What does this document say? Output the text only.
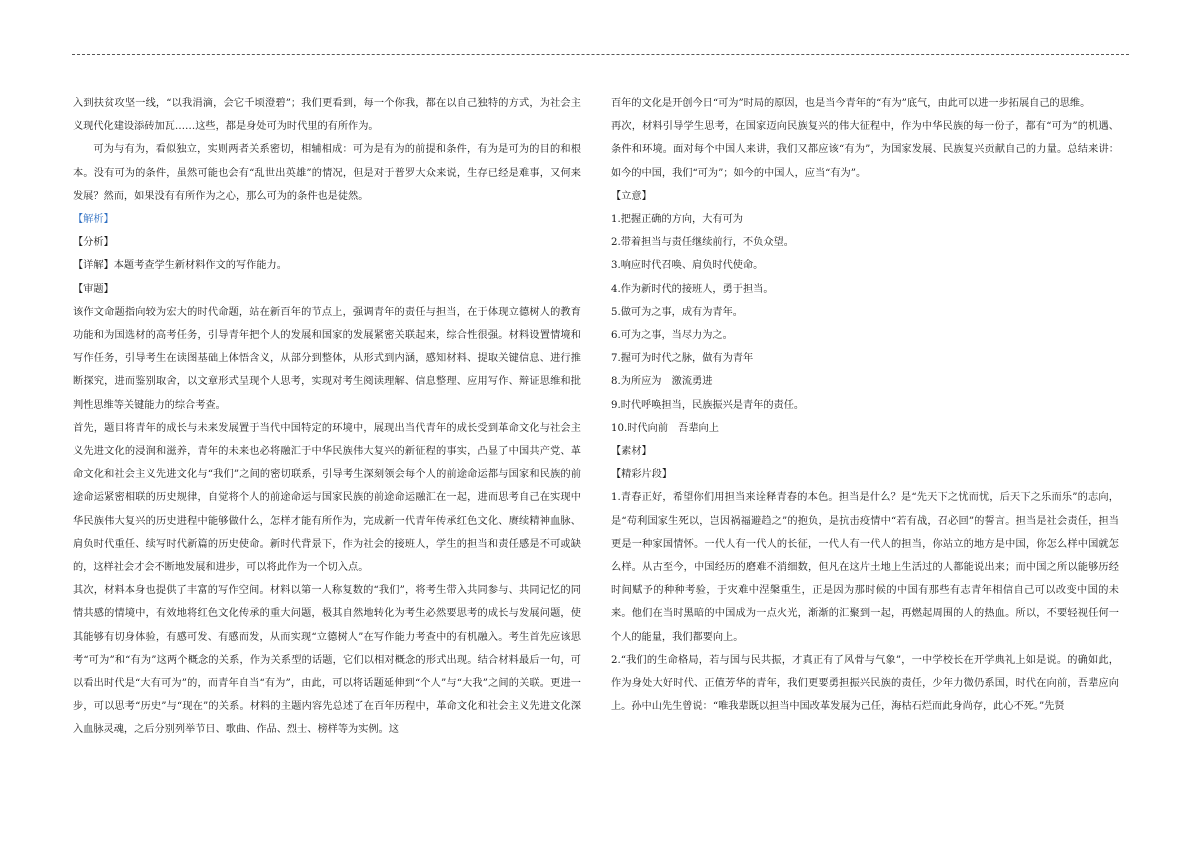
入到扶贫攻坚一线，“以我涓滴，会它千顷澄碧”；我们更看到，每一个你我，都在以自己独特的方式，为社会主义现代化建设添砖加瓦……这些，都是身处可为时代里的有所作为。

可为与有为，看似独立，实则两者关系密切，相辅相成：可为是有为的前提和条件，有为是可为的目的和根本。没有可为的条件，虽然可能也会有“乱世出英雄”的情况，但是对于普罗大众来说，生存已经是难事，又何来发展？然而，如果没有有所作为之心，那么可为的条件也是徒然。

【解析】

【分析】

【详解】本题考查学生新材料作文的写作能力。

【审题】

该作文命题指向较为宏大的时代命题，站在新百年的节点上，强调青年的责任与担当，在于体现立德树人的教育功能和为国选材的高考任务，引导青年把个人的发展和国家的发展紧密关联起来，综合性很强。材料设置情境和写作任务，引导考生在读图基础上体悟含义，从部分到整体，从形式到内涵，感知材料、提取关键信息、进行推断探究，进而鉴别取舍，以文章形式呈现个人思考，实现对考生阅读理解、信息整理、应用写作、辩证思维和批判性思维等关键能力的综合考查。

首先，题目将青年的成长与未来发展置于当代中国特定的环境中，展现出当代青年的成长受到革命文化与社会主义先进文化的浸润和滋养，青年的未来也必将融汇于中华民族伟大复兴的新征程的事实，凸显了中国共产党、革命文化和社会主义先进文化与“我们”之间的密切联系，引导考生深刻领会每个人的前途命运都与国家和民族的前途命运紧密相联的历史规律，自觉将个人的前途命运与国家民族的前途命运融汇在一起，进而思考自己在实现中华民族伟大复兴的历史进程中能够做什么，怎样才能有所作为，完成新一代青年传承红色文化、赓续精神血脉、肩负时代重任、续写时代新篇的历史使命。新时代背景下，作为社会的接班人，学生的担当和责任感是不可或缺的，这样社会才会不断地发展和进步，可以将此作为一个切入点。

其次，材料本身也提供了丰富的写作空间。材料以第一人称复数的“我们”，将考生带入共同参与、共同记忆的同情共感的情境中，有效地将红色文化传承的重大问题，极其自然地转化为考生必然要思考的成长与发展问题，使其能够有切身体验，有感可发、有感而发，从而实现“立德树人”在写作能力考查中的有机融入。考生首先应该思考“可为”和“有为”这两个概念的关系，作为关系型的话题，它们以相对概念的形式出现。结合材料最后一句，可以看出时代是“大有可为”的，而青年自当“有为”，由此，可以将话题延伸到“个人”与“大我”之间的关联。更进一步，可以思考“历史”与“现在”的关系。材料的主题内容先总述了在百年历程中，革命文化和社会主义先进文化深入血脉灵魂，之后分别列举节日、歌曲、作品、烈士、榜样等为实例。这

百年的文化是开创今日“可为”时局的原因，也是当今青年的“有为”底气，由此可以进一步拓展自己的思维。

再次，材料引导学生思考，在国家迈向民族复兴的伟大征程中，作为中华民族的每一份子，都有“可为”的机遇、条件和环境。面对每个中国人来讲，我们又都应该“有为”，为国家发展、民族复兴贡献自己的力量。总结来讲：如今的中国，我们“可为”；如今的中国人，应当“有为”。

【立意】

1.把握正确的方向，大有可为

2.带着担当与责任继续前行，不负众望。

3.响应时代召唤、肩负时代使命。

4.作为新时代的接班人，勇于担当。

5.做可为之事，成有为青年。

6.可为之事，当尽力为之。

7.握可为时代之脉，做有为青年

8.为所应为　激流勇进

9.时代呼唤担当，民族振兴是青年的责任。

10.时代向前　吾辈向上

【素材】

【精彩片段】

1.青春正好，希望你们用担当来诠释青春的本色。担当是什么？是“先天下之忧而忧，后天下之乐而乐”的志向，是“苟利国家生死以，岂因祸福避趋之”的抱负，是抗击疫情中“若有战，召必回”的誓言。担当是社会责任，担当更是一种家国情怀。一代人有一代人的长征，一代人有一代人的担当，你站立的地方是中国，你怎么样中国就怎么样。从古至今，中国经历的磨难不消细数，但凡在这片土地上生活过的人都能说出来；而中国之所以能够历经时间赋予的种种考验，于灾难中涅槃重生，正是因为那时候的中国有那些有志青年相信自己可以改变中国的未来。他们在当时黑暗的中国成为一点火光，渐渐的汇聚到一起，再燃起周围的人的热血。所以，不要轻视任何一个人的能量，我们都要向上。

2.“我们的生命格局，若与国与民共振，才真正有了风骨与气象”，一中学校长在开学典礼上如是说。的确如此，作为身处大好时代、正值芳华的青年，我们更要勇担振兴民族的责任，少年力微仍系国，时代在向前，吾辈应向上。孙中山先生曾说：“唯我辈既以担当中国改革发展为己任，海枯石烂而此身尚存，此心不死。”先贤
